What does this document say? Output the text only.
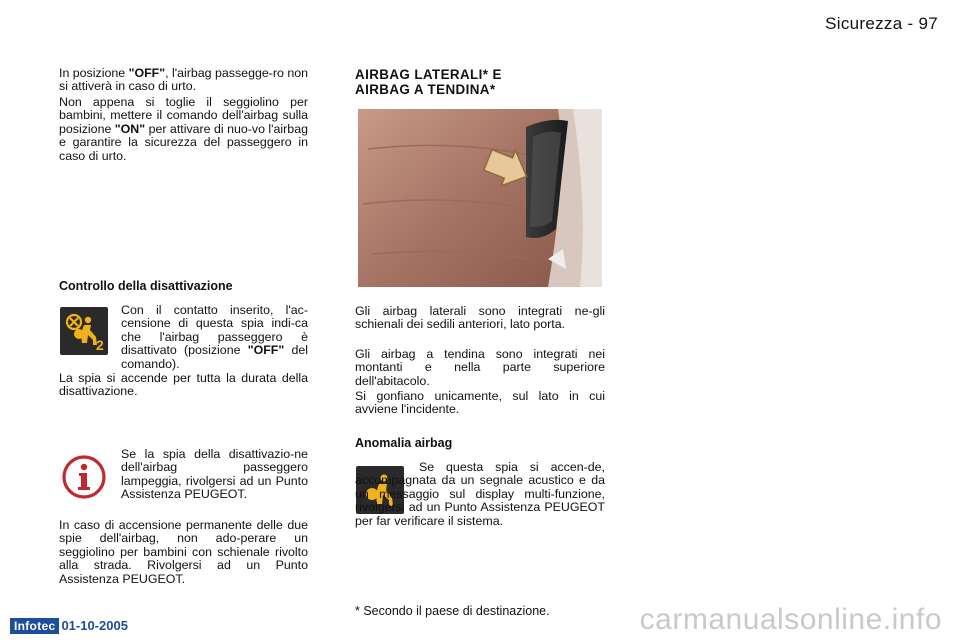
Sicurezza - 97

In posizione "OFF", l'airbag passegge-ro non si attiverà in caso di urto.

Non appena si toglie il seggiolino per bambini, mettere il comando dell'airbag sulla posizione "ON" per attivare di nuo-vo l'airbag e garantire la sicurezza del passeggero in caso di urto.

Controllo della disattivazione
2

Con il contatto inserito, l'ac-censione di questa spia indi-ca che l'airbag passeggero è disattivato (posizione "OFF" del comando).

La spia si accende per tutta la durata della disattivazione.

Se la spia della disattivazio-ne dell'airbag passeggero lampeggia, rivolgersi ad un Punto Assistenza PEUGEOT.

In caso di accensione permanente delle due spie dell'airbag, non ado-perare un seggiolino per bambini con schienale rivolto alla strada. Rivolgersi ad un Punto Assistenza PEUGEOT.

AIRBAG LATERALI* E
AIRBAG A TENDINA*

Gli airbag laterali sono integrati ne-gli schienali dei sedili anteriori, lato porta.

Gli airbag a tendina sono integrati nei montanti e nella parte superiore dell'abitacolo.

Si gonfiano unicamente, sul lato in cui avviene l'incidente.

Anomalia airbag

Se questa spia si accen-de, accompagnata da un segnale acustico e da un messaggio sul display multi-funzione, rivolgersi ad un Punto Assistenza PEUGEOT per far verificare il sistema.

* Secondo il paese di destinazione.
Infotec 01-10-2005	carmanualsonline.info
